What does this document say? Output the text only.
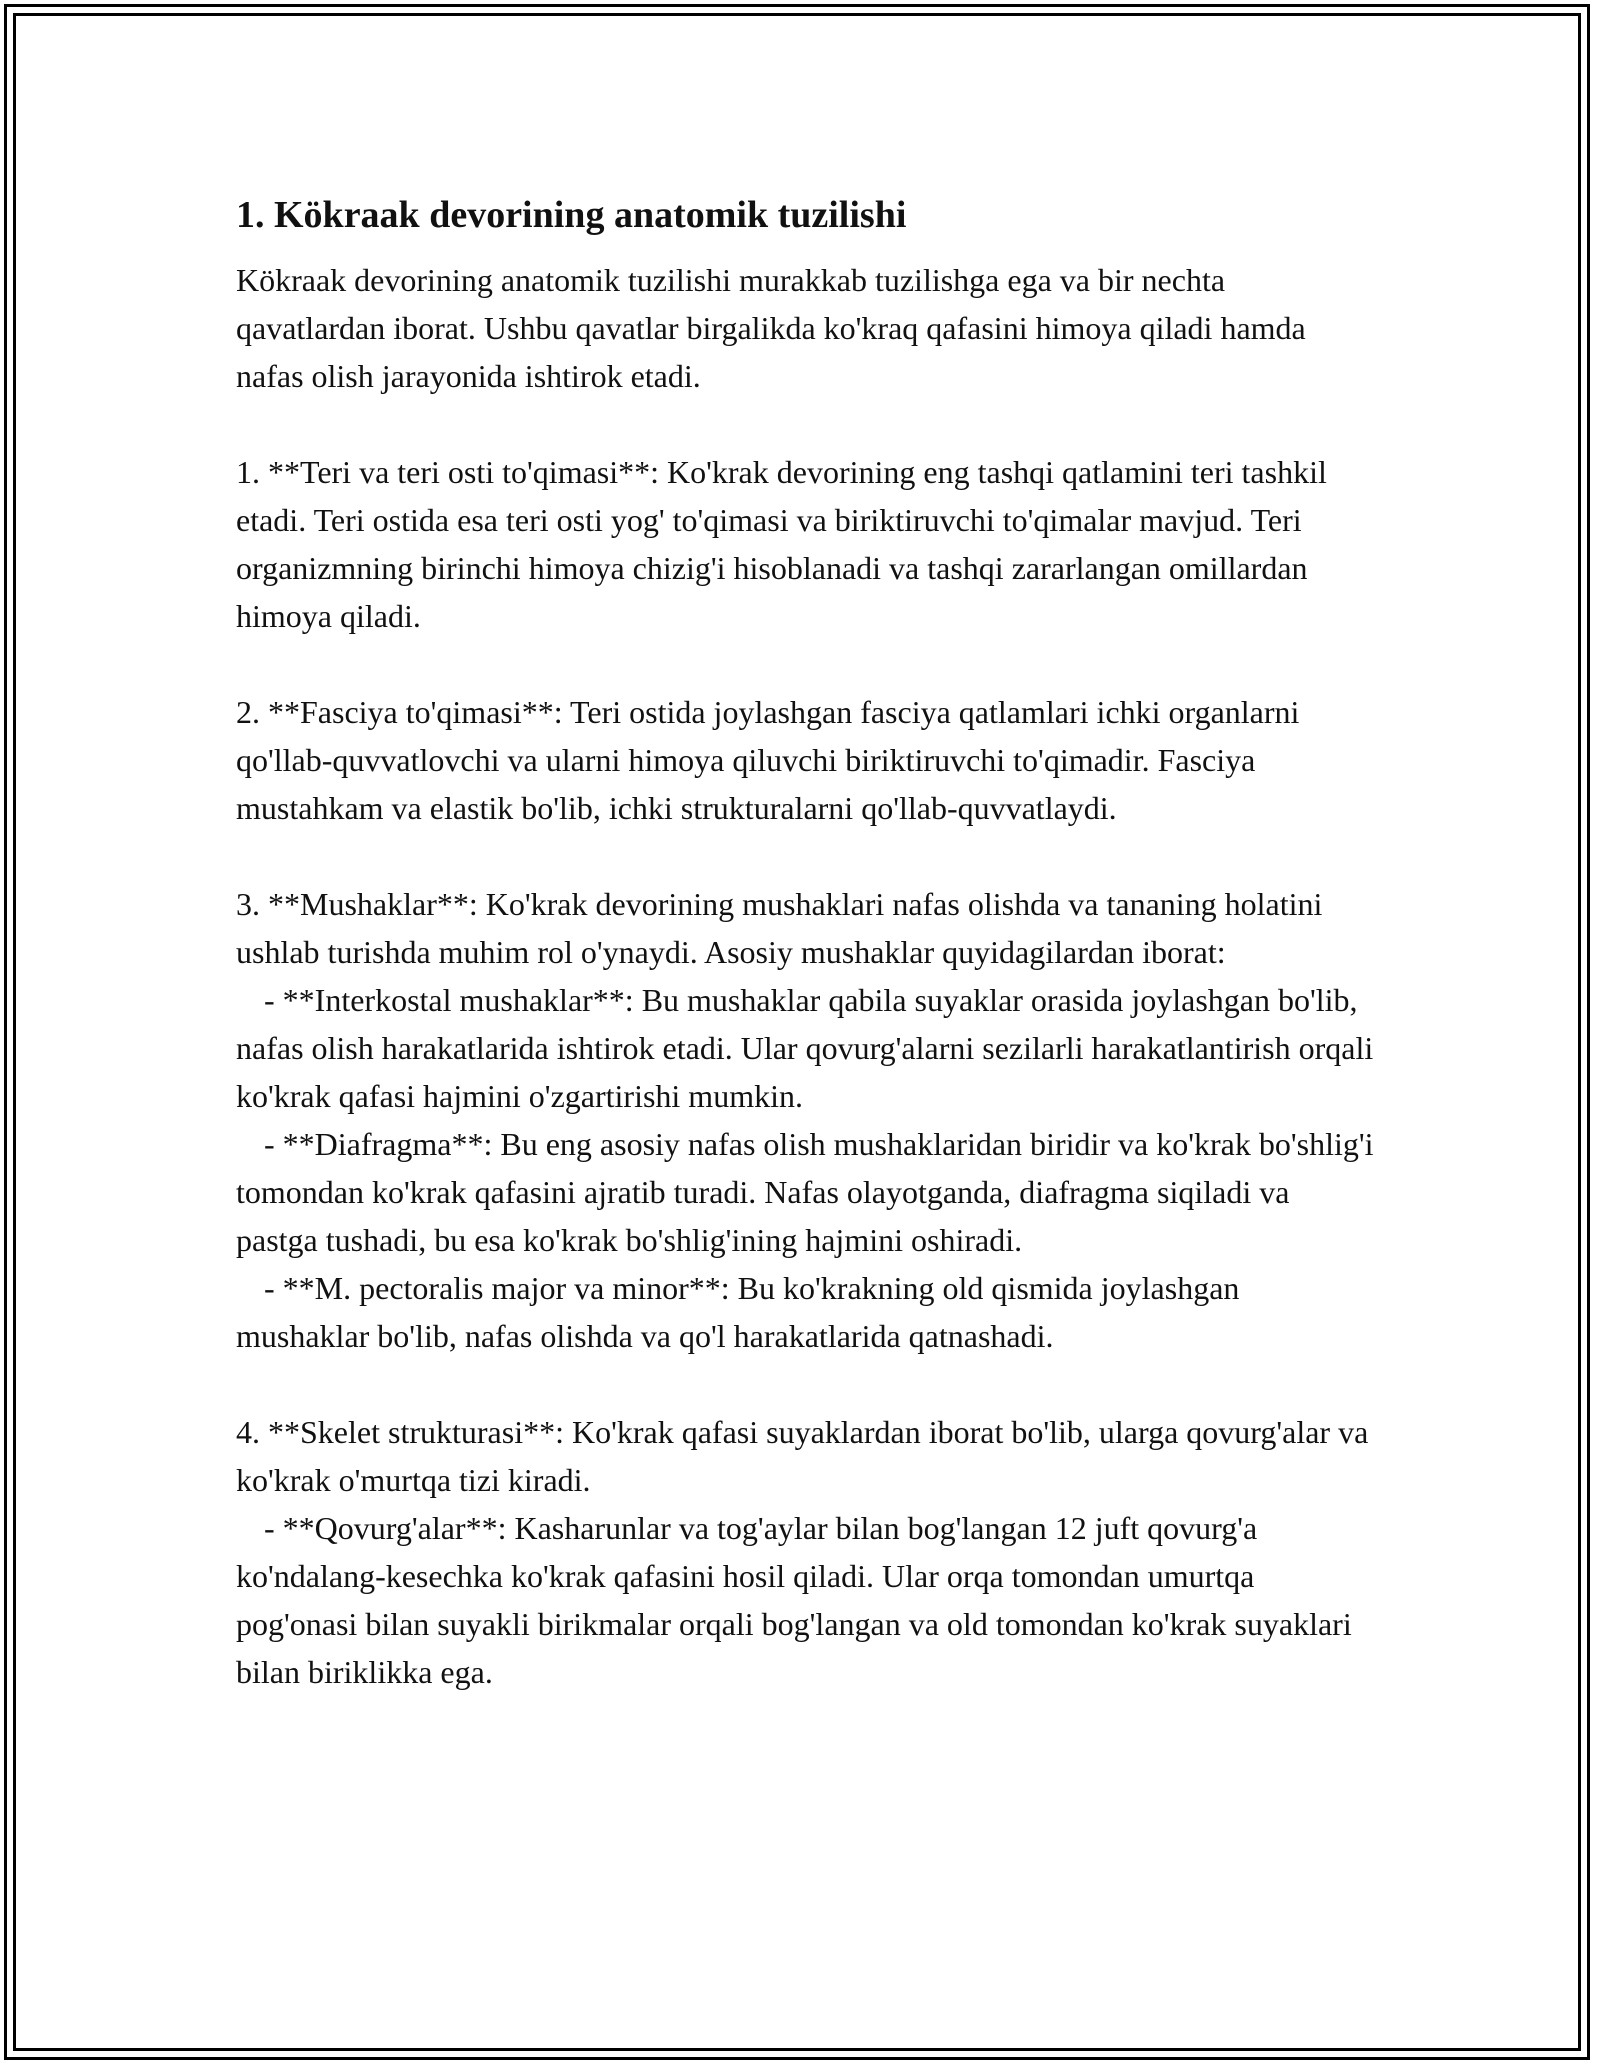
1. Kökraak devorining anatomik tuzilishi

Kökraak devorining anatomik tuzilishi murakkab tuzilishga ega va bir nechta qavatlardan iborat. Ushbu qavatlar birgalikda ko'kraq qafasini himoya qiladi hamda nafas olish jarayonida ishtirok etadi.

1. **Teri va teri osti to'qimasi**: Ko'krak devorining eng tashqi qatlamini teri tashkil etadi. Teri ostida esa teri osti yog' to'qimasi va biriktiruvchi to'qimalar mavjud. Teri organizmning birinchi himoya chizig'i hisoblanadi va tashqi zararlangan omillardan himoya qiladi.

2. **Fasciya to'qimasi**: Teri ostida joylashgan fasciya qatlamlari ichki organlarni qo'llab-quvvatlovchi va ularni himoya qiluvchi biriktiruvchi to'qimadir. Fasciya mustahkam va elastik bo'lib, ichki strukturalarni qo'llab-quvvatlaydi.

3. **Mushaklar**: Ko'krak devorining mushaklari nafas olishda va tananing holatini ushlab turishda muhim rol o'ynaydi. Asosiy mushaklar quyidagilardan iborat:

- **Interkostal mushaklar**: Bu mushaklar qabila suyaklar orasida joylashgan bo'lib, nafas olish harakatlarida ishtirok etadi. Ular qovurg'alarni sezilarli harakatlantirish orqali ko'krak qafasi hajmini o'zgartirishi mumkin.

- **Diafragma**: Bu eng asosiy nafas olish mushaklaridan biridir va ko'krak bo'shlig'i tomondan ko'krak qafasini ajratib turadi. Nafas olayotganda, diafragma siqiladi va pastga tushadi, bu esa ko'krak bo'shlig'ining hajmini oshiradi.

- **M. pectoralis major va minor**: Bu ko'krakning old qismida joylashgan mushaklar bo'lib, nafas olishda va qo'l harakatlarida qatnashadi.

4. **Skelet strukturasi**: Ko'krak qafasi suyaklardan iborat bo'lib, ularga qovurg'alar va ko'krak o'murtqa tizi kiradi.

- **Qovurg'alar**: Kasharunlar va tog'aylar bilan bog'langan 12 juft qovurg'a ko'ndalang-kesechka ko'krak qafasini hosil qiladi. Ular orqa tomondan umurtqa pog'onasi bilan suyakli birikmalar orqali bog'langan va old tomondan ko'krak suyaklari bilan biriklikka ega.
